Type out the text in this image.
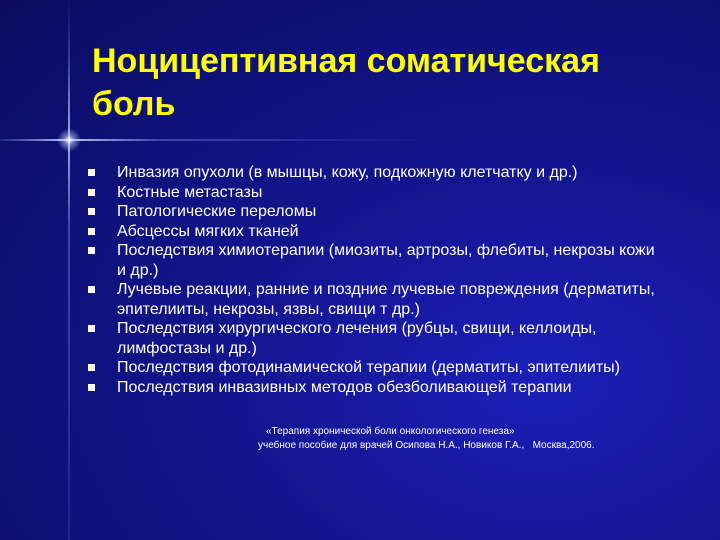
Ноцицептивная соматическая боль
Инвазия опухоли (в мышцы, кожу, подкожную клетчатку и др.)
Костные метастазы
Патологические переломы
Абсцессы мягких тканей
Последствия химиотерапии (миозиты, артрозы, флебиты, некрозы кожи и др.)
Лучевые реакции, ранние и поздние лучевые повреждения (дерматиты, эпителииты, некрозы, язвы, свищи т др.)
Последствия хирургического лечения (рубцы, свищи, келлоиды, лимфостазы и др.)
Последствия фотодинамической терапии (дерматиты, эпителииты)
Последствия инвазивных методов обезболивающей терапии
«Терапия хронической боли онкологического генеза»
учебное пособие для врачей Осипова Н.А., Новиков Г.А.,   Москва,2006.
